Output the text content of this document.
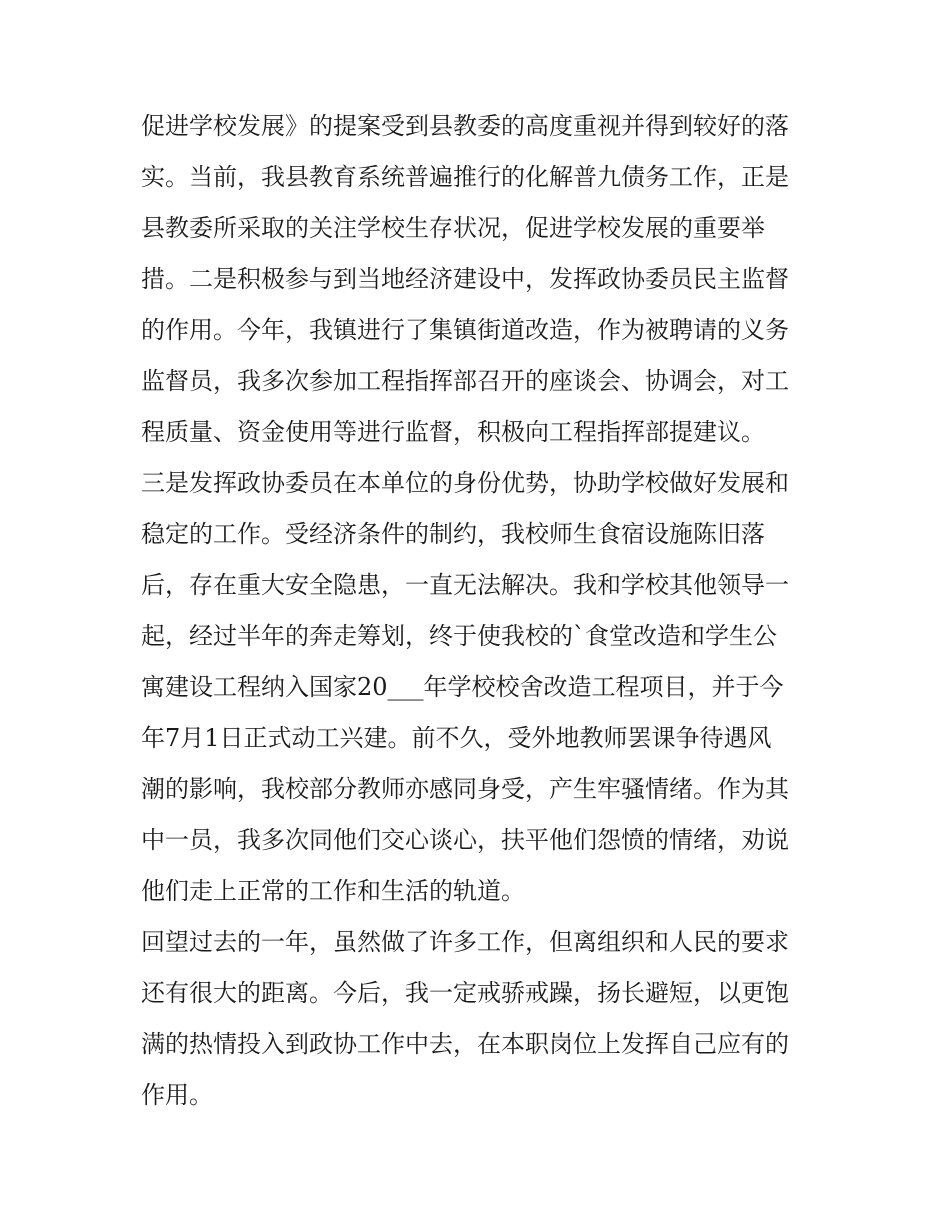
促进学校发展》的提案受到县教委的高度重视并得到较好的落
实。当前，我县教育系统普遍推行的化解普九债务工作，正是
县教委所采取的关注学校生存状况，促进学校发展的重要举
措。二是积极参与到当地经济建设中，发挥政协委员民主监督
的作用。今年，我镇进行了集镇街道改造，作为被聘请的义务
监督员，我多次参加工程指挥部召开的座谈会、协调会，对工
程质量、资金使用等进行监督，积极向工程指挥部提建议。
三是发挥政协委员在本单位的身份优势，协助学校做好发展和
稳定的工作。受经济条件的制约，我校师生食宿设施陈旧落
后，存在重大安全隐患，一直无法解决。我和学校其他领导一
起，经过半年的奔走筹划，终于使我校的`食堂改造和学生公
寓建设工程纳入国家20___年学校校舍改造工程项目，并于今
年7月1日正式动工兴建。前不久，受外地教师罢课争待遇风
潮的影响，我校部分教师亦感同身受，产生牢骚情绪。作为其
中一员，我多次同他们交心谈心，扶平他们怨愤的情绪，劝说
他们走上正常的工作和生活的轨道。
回望过去的一年，虽然做了许多工作，但离组织和人民的要求
还有很大的距离。今后，我一定戒骄戒躁，扬长避短，以更饱
满的热情投入到政协工作中去，在本职岗位上发挥自己应有的
作用。
